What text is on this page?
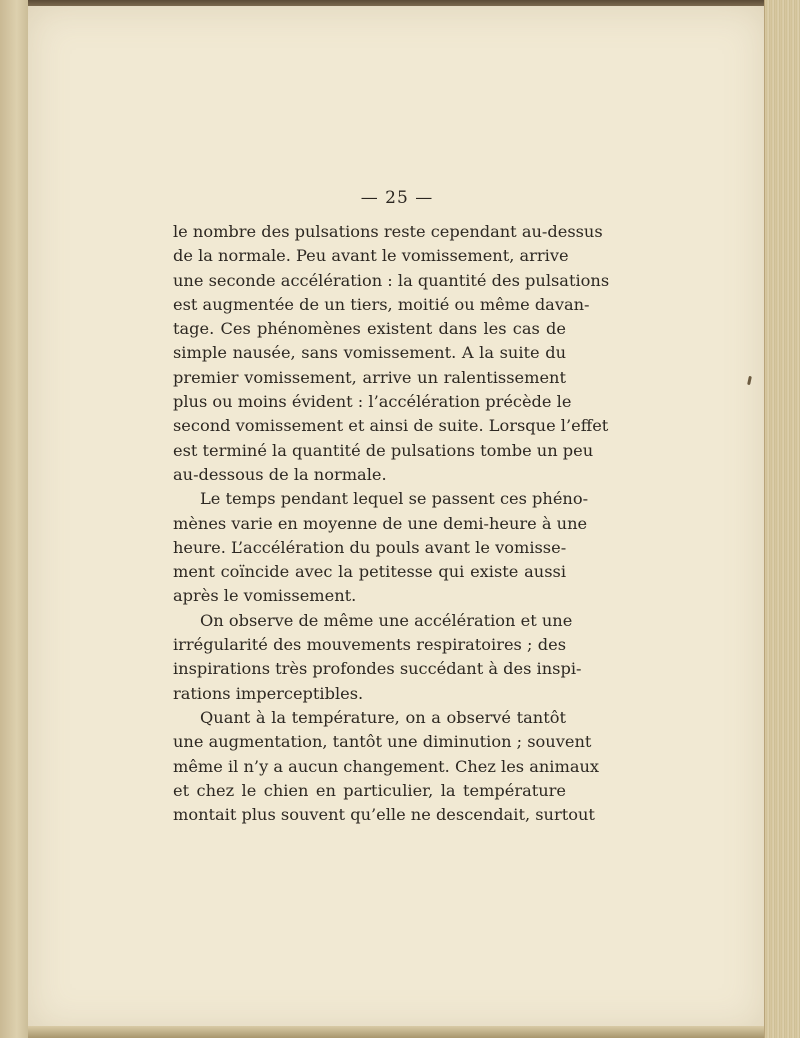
— 25 —
le nombre des pulsations reste cependant au-dessus
de la normale. Peu avant le vomissement, arrive
une seconde accélération : la quantité des pulsations
est augmentée de un tiers, moitié ou même davan-
tage. Ces phénomènes existent dans les cas de
simple nausée, sans vomissement. A la suite du
premier vomissement, arrive un ralentissement
plus ou moins évident : l’accélération précède le
second vomissement et ainsi de suite. Lorsque l’effet
est terminé la quantité de pulsations tombe un peu
au-dessous de la normale.
Le temps pendant lequel se passent ces phéno-
mènes varie en moyenne de une demi-heure à une
heure. L’accélération du pouls avant le vomisse-
ment coïncide avec la petitesse qui existe aussi
après le vomissement.
On observe de même une accélération et une
irrégularité des mouvements respiratoires ; des
inspirations très profondes succédant à des inspi-
rations imperceptibles.
Quant à la température, on a observé tantôt
une augmentation, tantôt une diminution ; souvent
même il n’y a aucun changement. Chez les animaux
et chez le chien en particulier, la température
montait plus souvent qu’elle ne descendait, surtout
